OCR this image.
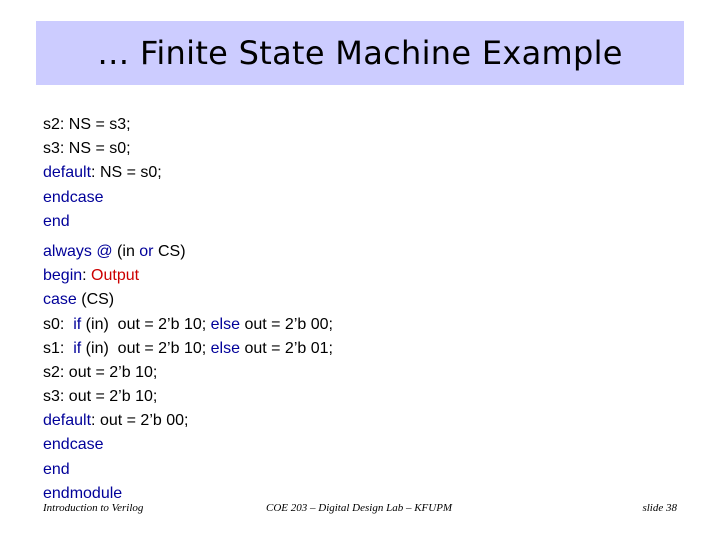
… Finite State Machine Example
s2: NS = s3;
s3: NS = s0;
default: NS = s0;
endcase
end
always @ (in or CS)
begin: Output
case (CS)
s0:  if (in)  out = 2’b 10; else out = 2’b 00;
s1:  if (in)  out = 2’b 10; else out = 2’b 01;
s2: out = 2’b 10;
s3: out = 2’b 10;
default: out = 2’b 00;
endcase
end
endmodule
Introduction to Verilog	COE 203 – Digital Design Lab – KFUPM	slide 38
